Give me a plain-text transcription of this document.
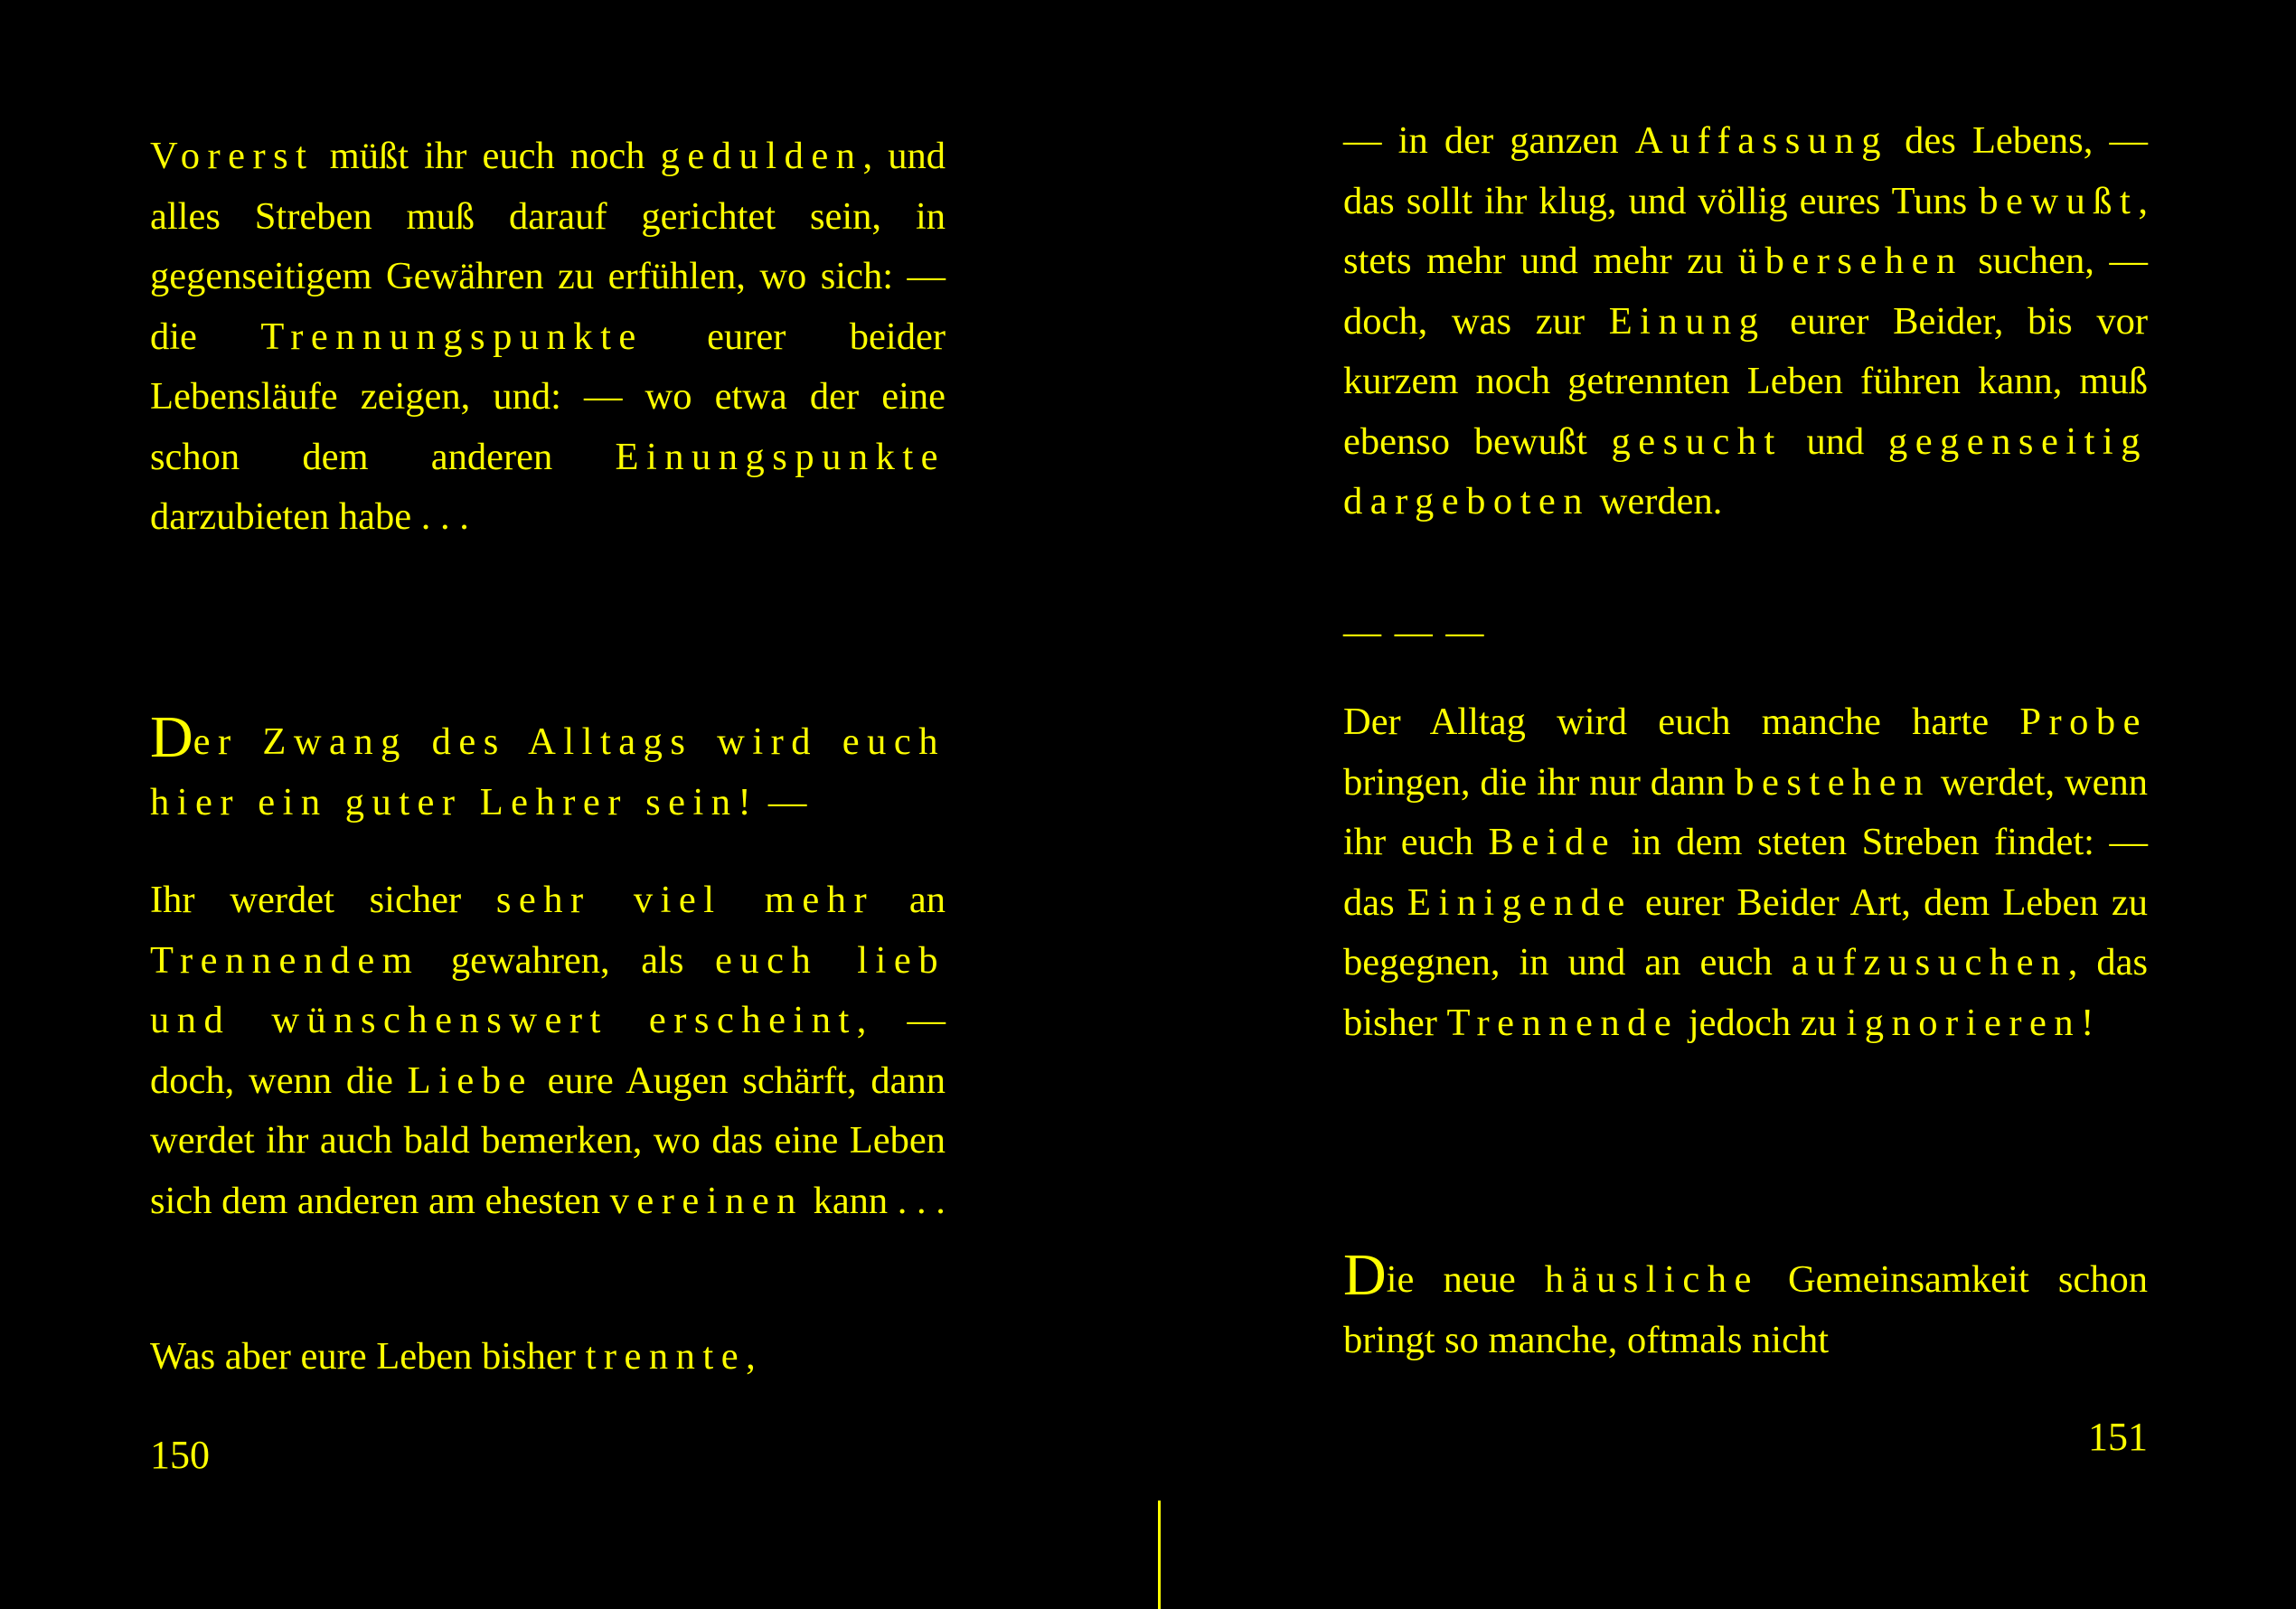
Vorerst müßt ihr euch noch gedulden, und alles Streben muß darauf gerichtet sein, in gegenseitigem Gewähren zu erfühlen, wo sich: — die Trennungspunkte eurer beider Lebensläufe zeigen, und: — wo etwa der eine schon dem anderen Einungspunkte darzubieten habe . . .

Der Zwang des Alltags wird euch hier ein guter Lehrer sein! —

Ihr werdet sicher sehr viel mehr an Trennendem gewahren, als euch lieb und wünschenswert erscheint, — doch, wenn die Liebe eure Augen schärft, dann werdet ihr auch bald bemerken, wo das eine Leben sich dem anderen am ehesten vereinen kann . . .

Was aber eure Leben bisher trennte,

150

— in der ganzen Auffassung des Lebens, — das sollt ihr klug, und völlig eures Tuns bewußt, stets mehr und mehr zu übersehen suchen, — doch, was zur Einung eurer Beider, bis vor kurzem noch getrennten Leben führen kann, muß ebenso bewußt gesucht und gegenseitig dargeboten werden.

— — —

Der Alltag wird euch manche harte Probe bringen, die ihr nur dann bestehen werdet, wenn ihr euch Beide in dem steten Streben findet: — das Einigende eurer Beider Art, dem Leben zu begegnen, in und an euch aufzusuchen, das bisher Trennende jedoch zu ignorieren!

Die neue häusliche Gemeinsamkeit schon bringt so manche, oftmals nicht

151
